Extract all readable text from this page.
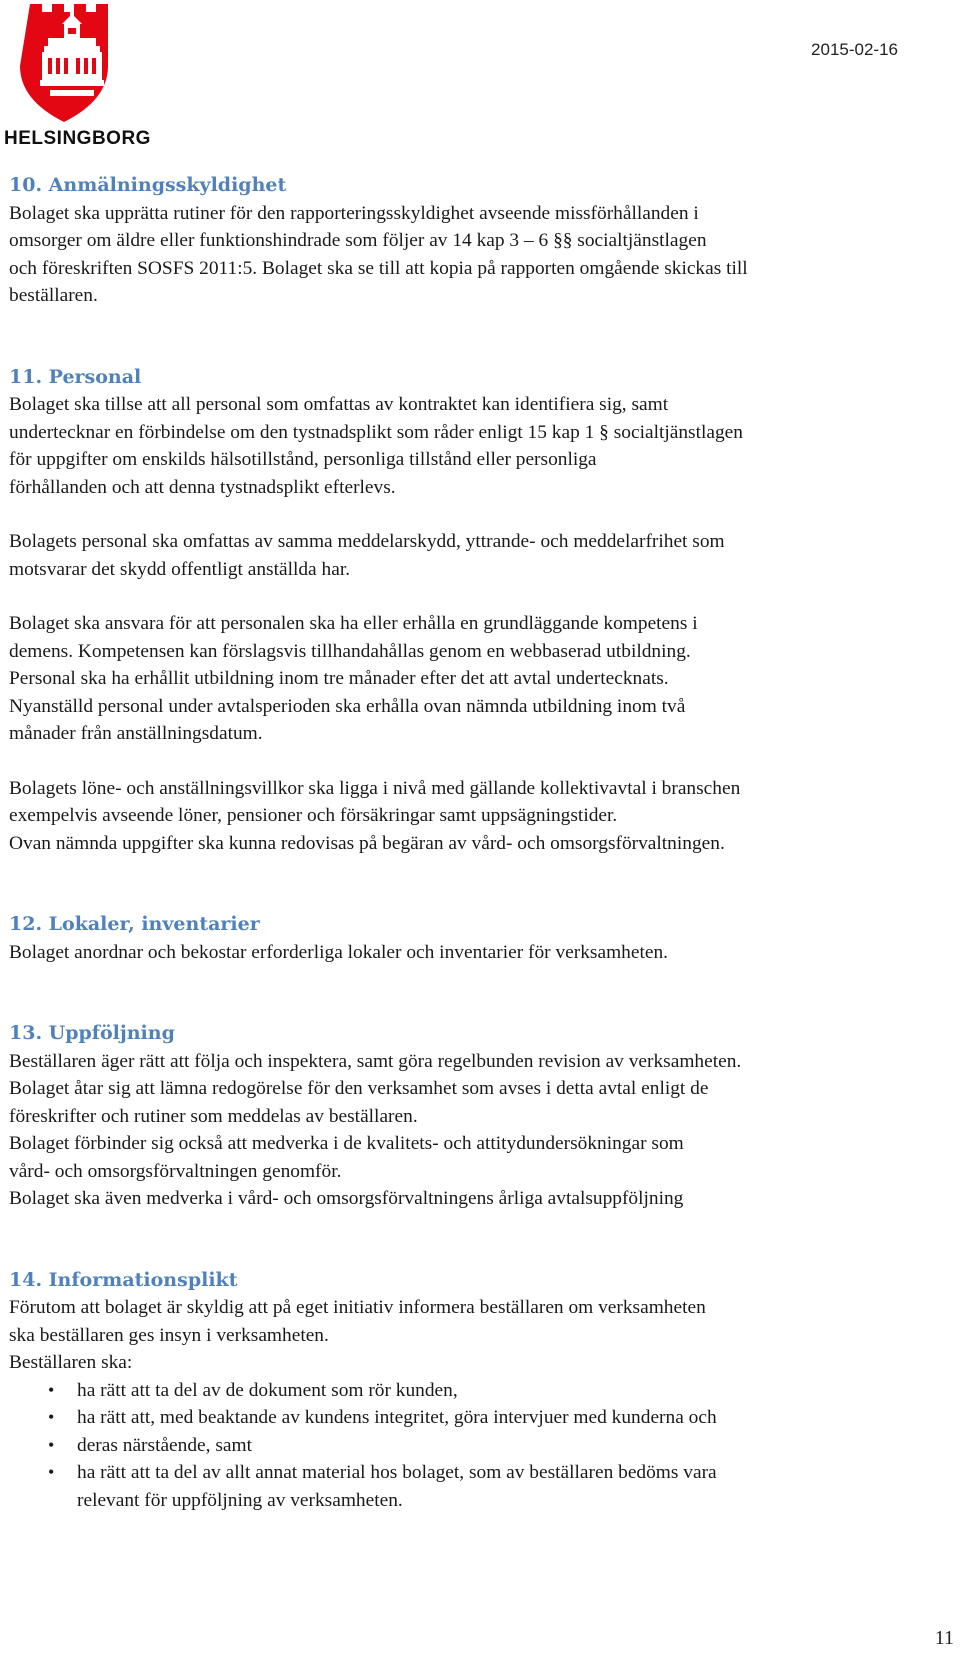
HELSINGBORG
2015-02-16
10. Anmälningsskyldighet

Bolaget ska upprätta rutiner för den rapporteringsskyldighet avseende missförhållanden i
omsorger om äldre eller funktionshindrade som följer av 14 kap 3 – 6 §§ socialtjänstlagen
och föreskriften SOSFS 2011:5. Bolaget ska se till att kopia på rapporten omgående skickas till
beställaren.

11. Personal

Bolaget ska tillse att all personal som omfattas av kontraktet kan identifiera sig, samt
undertecknar en förbindelse om den tystnadsplikt som råder enligt 15 kap 1 § socialtjänstlagen
för uppgifter om enskilds hälsotillstånd, personliga tillstånd eller personliga
förhållanden och att denna tystnadsplikt efterlevs.

Bolagets personal ska omfattas av samma meddelarskydd, yttrande- och meddelarfrihet som
motsvarar det skydd offentligt anställda har.

Bolaget ska ansvara för att personalen ska ha eller erhålla en grundläggande kompetens i
demens. Kompetensen kan förslagsvis tillhandahållas genom en webbaserad utbildning.
Personal ska ha erhållit utbildning inom tre månader efter det att avtal undertecknats.
Nyanställd personal under avtalsperioden ska erhålla ovan nämnda utbildning inom två
månader från anställningsdatum.

Bolagets löne- och anställningsvillkor ska ligga i nivå med gällande kollektivavtal i branschen
exempelvis avseende löner, pensioner och försäkringar samt uppsägningstider.
Ovan nämnda uppgifter ska kunna redovisas på begäran av vård- och omsorgsförvaltningen.

12. Lokaler, inventarier

Bolaget anordnar och bekostar erforderliga lokaler och inventarier för verksamheten.

13. Uppföljning

Beställaren äger rätt att följa och inspektera, samt göra regelbunden revision av verksamheten.
Bolaget åtar sig att lämna redogörelse för den verksamhet som avses i detta avtal enligt de
föreskrifter och rutiner som meddelas av beställaren.
Bolaget förbinder sig också att medverka i de kvalitets- och attitydundersökningar som
vård- och omsorgsförvaltningen genomför.
Bolaget ska även medverka i vård- och omsorgsförvaltningens årliga avtalsuppföljning

14. Informationsplikt

Förutom att bolaget är skyldig att på eget initiativ informera beställaren om verksamheten
ska beställaren ges insyn i verksamheten.
Beställaren ska:

• ha rätt att ta del av de dokument som rör kunden,
• ha rätt att, med beaktande av kundens integritet, göra intervjuer med kunderna och
• deras närstående, samt
• ha rätt att ta del av allt annat material hos bolaget, som av beställaren bedöms vara
relevant för uppföljning av verksamheten.
11
